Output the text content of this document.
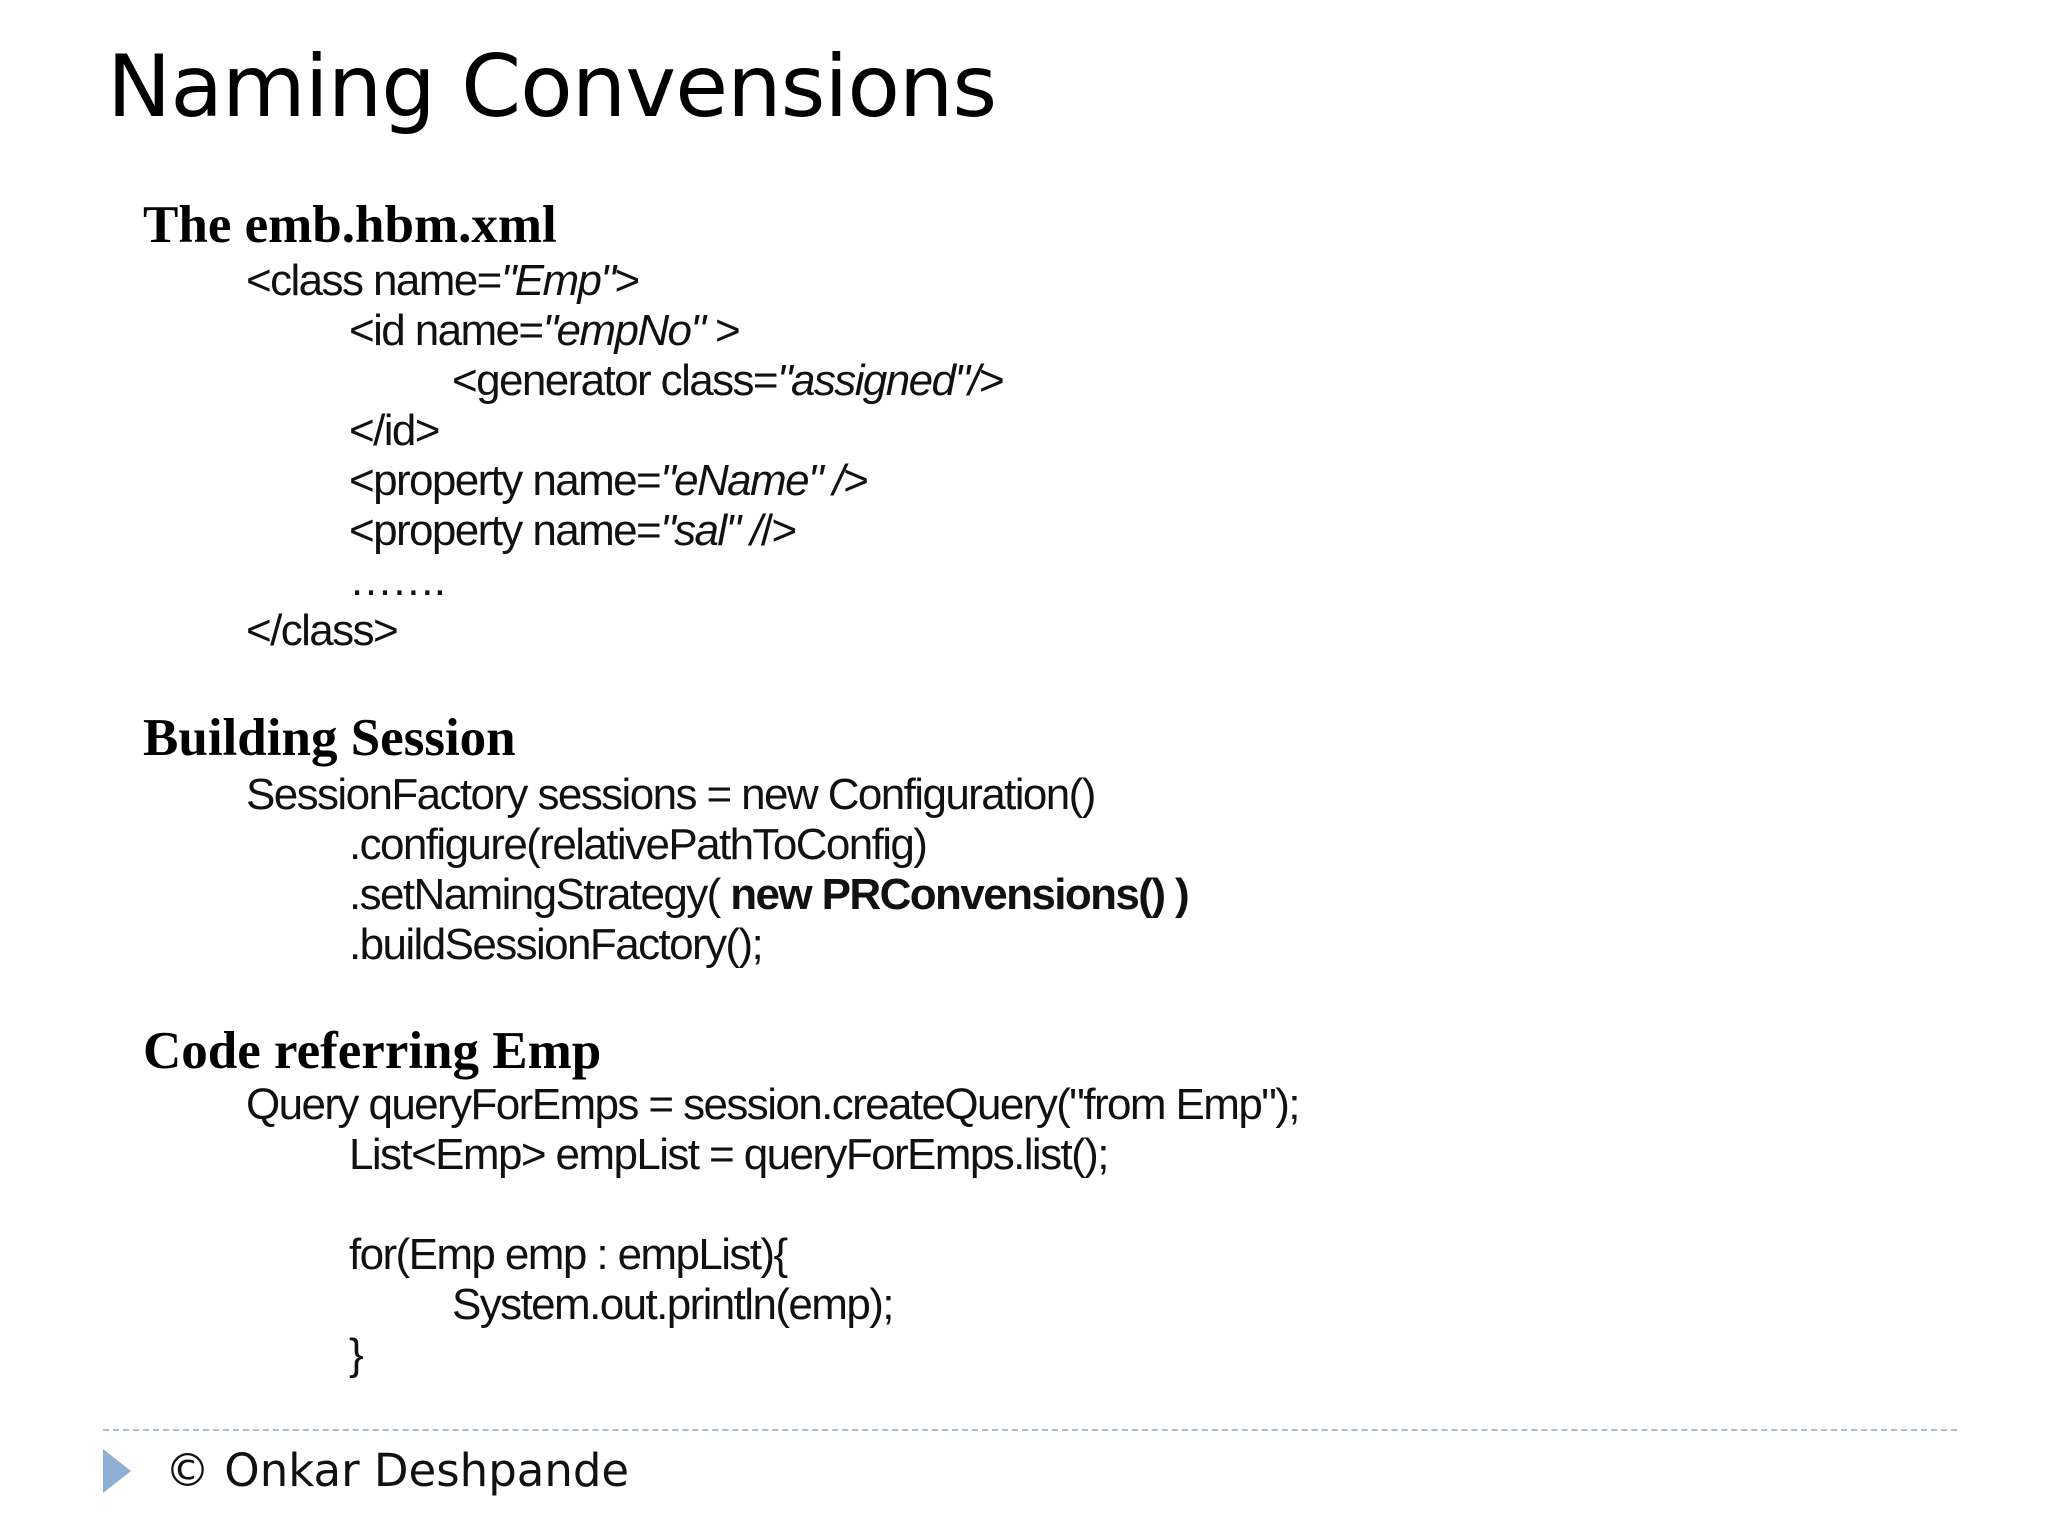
Naming Convensions
The emb.hbm.xml
<class name="Emp">
<id name="empNo" >
<generator class="assigned"/>
</id>
<property name="eName" />
<property name="sal" //>
…….
</class>
Building Session
SessionFactory sessions = new Configuration()
.configure(relativePathToConfig)
.setNamingStrategy( new PRConvensions() )
.buildSessionFactory();
Code referring Emp
Query queryForEmps = session.createQuery("from Emp");
List<Emp> empList = queryForEmps.list();
for(Emp emp : empList){
System.out.println(emp);
}
© Onkar Deshpande
